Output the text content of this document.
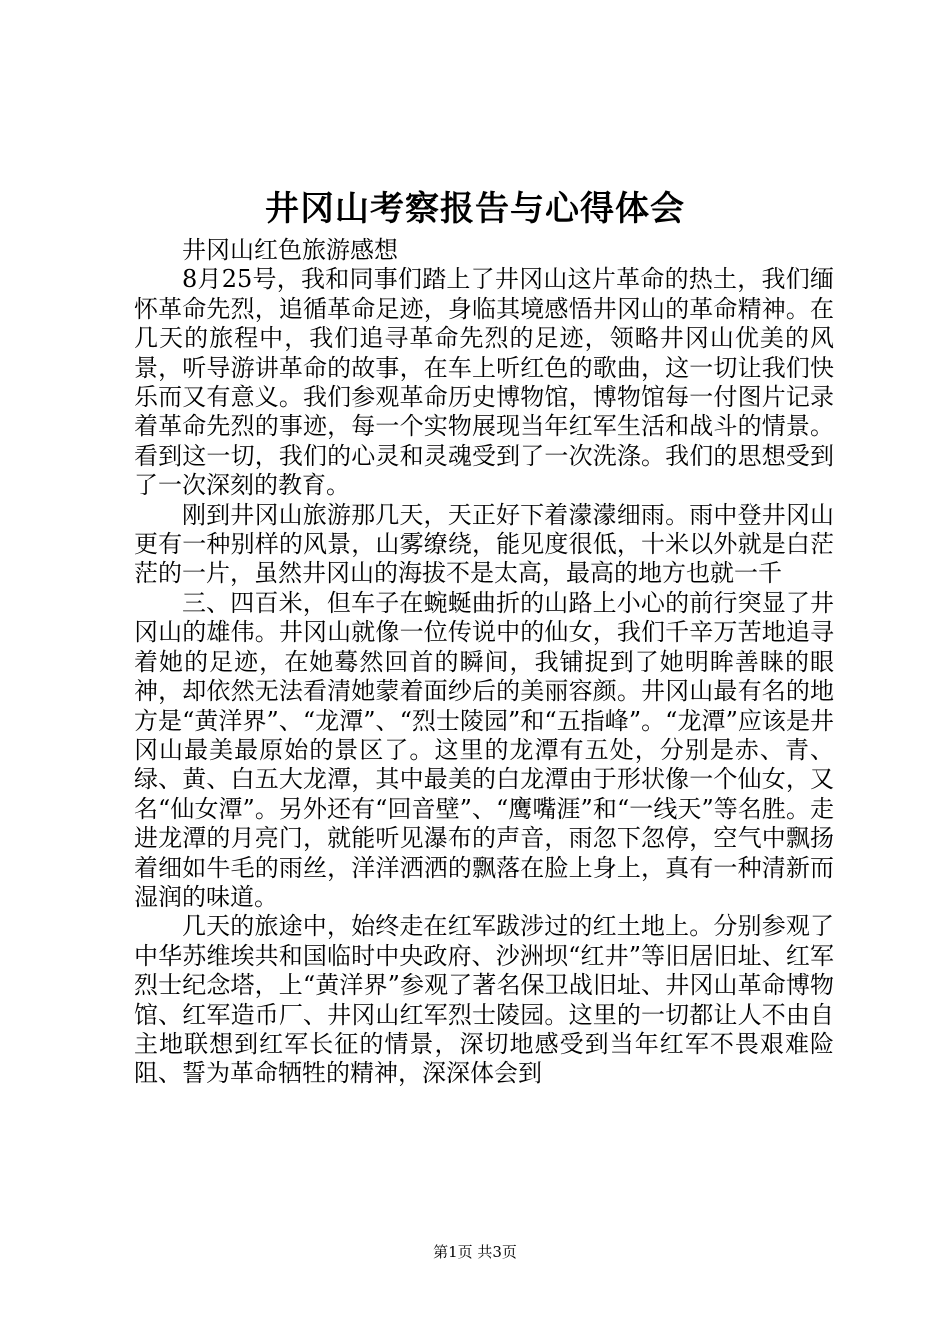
井冈山考察报告与心得体会

井冈山红色旅游感想

8月25号，我和同事们踏上了井冈山这片革命的热土，我们缅怀革命先烈，追循革命足迹，身临其境感悟井冈山的革命精神。在几天的旅程中，我们追寻革命先烈的足迹，领略井冈山优美的风景，听导游讲革命的故事，在车上听红色的歌曲，这一切让我们快乐而又有意义。我们参观革命历史博物馆，博物馆每一付图片记录着革命先烈的事迹，每一个实物展现当年红军生活和战斗的情景。看到这一切，我们的心灵和灵魂受到了一次洗涤。我们的思想受到了一次深刻的教育。

刚到井冈山旅游那几天，天正好下着濛濛细雨。雨中登井冈山更有一种别样的风景，山雾缭绕，能见度很低，十米以外就是白茫茫的一片，虽然井冈山的海拔不是太高，最高的地方也就一千

三、四百米，但车子在蜿蜒曲折的山路上小心的前行突显了井冈山的雄伟。井冈山就像一位传说中的仙女，我们千辛万苦地追寻着她的足迹，在她蓦然回首的瞬间，我铺捉到了她明眸善睐的眼神，却依然无法看清她蒙着面纱后的美丽容颜。井冈山最有名的地方是“黄洋界”、“龙潭”、“烈士陵园”和“五指峰”。“龙潭”应该是井冈山最美最原始的景区了。这里的龙潭有五处，分别是赤、青、绿、黄、白五大龙潭，其中最美的白龙潭由于形状像一个仙女，又名“仙女潭”。另外还有“回音壁”、“鹰嘴涯”和“一线天”等名胜。走进龙潭的月亮门，就能听见瀑布的声音，雨忽下忽停，空气中飘扬着细如牛毛的雨丝，洋洋洒洒的飘落在脸上身上，真有一种清新而湿润的味道。

几天的旅途中，始终走在红军跋涉过的红土地上。分别参观了中华苏维埃共和国临时中央政府、沙洲坝“红井”等旧居旧址、红军烈士纪念塔，上“黄洋界”参观了著名保卫战旧址、井冈山革命博物馆、红军造币厂、井冈山红军烈士陵园。这里的一切都让人不由自主地联想到红军长征的情景，深切地感受到当年红军不畏艰难险阻、誓为革命牺牲的精神，深深体会到

第1页 共3页
